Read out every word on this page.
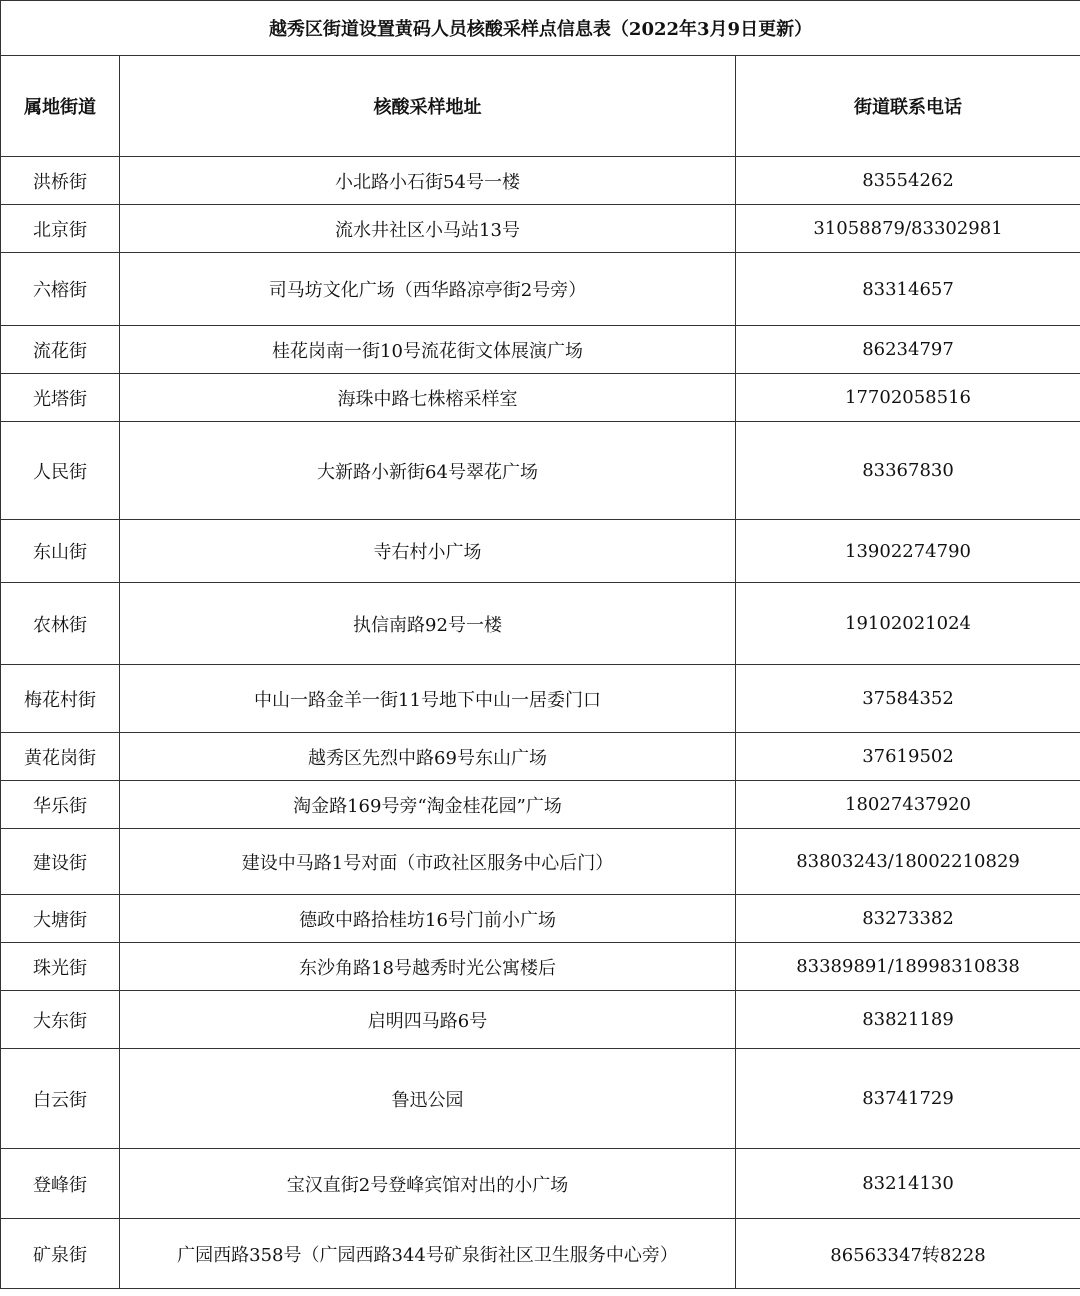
越秀区街道设置黄码人员核酸采样点信息表（2022年3月9日更新）		
属地街道	核酸采样地址	街道联系电话
洪桥街	小北路小石街54号一楼	83554262
北京街	流水井社区小马站13号	31058879/83302981
六榕街	司马坊文化广场（西华路凉亭街2号旁）	83314657
流花街	桂花岗南一街10号流花街文体展演广场	86234797
光塔街	海珠中路七株榕采样室	17702058516
人民街	大新路小新街64号翠花广场	83367830
东山街	寺右村小广场	13902274790
农林街	执信南路92号一楼	19102021024
梅花村街	中山一路金羊一街11号地下中山一居委门口	37584352
黄花岗街	越秀区先烈中路69号东山广场	37619502
华乐街	淘金路169号旁“淘金桂花园”广场	18027437920
建设街	建设中马路1号对面（市政社区服务中心后门）	83803243/18002210829
大塘街	德政中路拾桂坊16号门前小广场	83273382
珠光街	东沙角路18号越秀时光公寓楼后	83389891/18998310838
大东街	启明四马路6号	83821189
白云街	鲁迅公园	83741729
登峰街	宝汉直街2号登峰宾馆对出的小广场	83214130
矿泉街	广园西路358号（广园西路344号矿泉街社区卫生服务中心旁）	86563347转8228
